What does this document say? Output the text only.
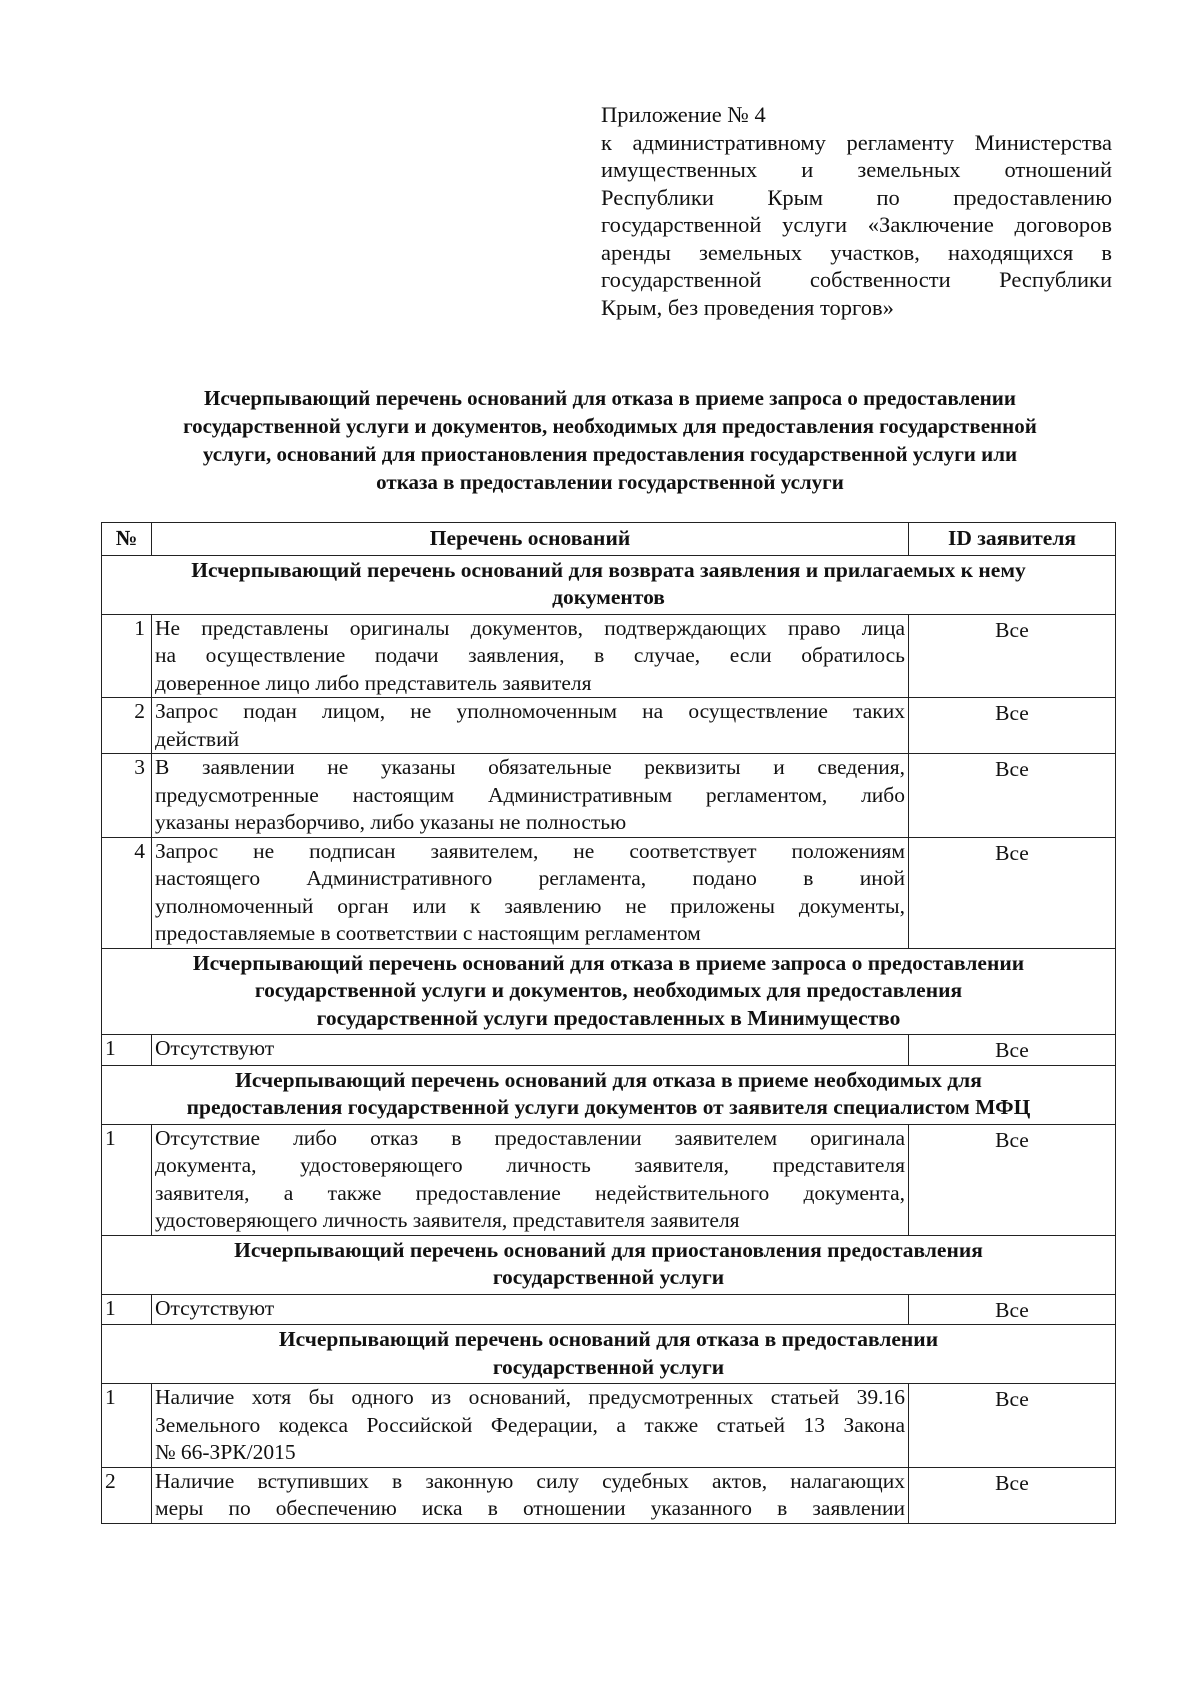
Приложение № 4
к административному регламенту Министерства
имущественных и земельных отношений
Республики Крым по предоставлению
государственной услуги «Заключение договоров
аренды земельных участков, находящихся в
государственной собственности Республики
Крым, без проведения торгов»
Исчерпывающий перечень оснований для отказа в приеме запроса о предоставлении
государственной услуги и документов, необходимых для предоставления государственной
услуги, оснований для приостановления предоставления государственной услуги или
отказа в предоставлении государственной услуги
№	Перечень оснований	ID заявителя

Исчерпывающий перечень оснований для возврата заявления и прилагаемых к нему
документов		

1	Не представлены оригиналы документов, подтверждающих право лица
на осуществление подачи заявления, в случае, если обратилось
доверенное лицо либо представитель заявителя	Все
2	Запрос подан лицом, не уполномоченным на осуществление таких
действий	Все
3	В заявлении не указаны обязательные реквизиты и сведения,
предусмотренные настоящим Административным регламентом, либо
указаны неразборчиво, либо указаны не полностью	Все
4	Запрос не подписан заявителем, не соответствует положениям
настоящего Административного регламента, подано в иной
уполномоченный орган или к заявлению не приложены документы,
предоставляемые в соответствии с настоящим регламентом	Все

Исчерпывающий перечень оснований для отказа в приеме запроса о предоставлении
государственной услуги и документов, необходимых для предоставления
государственной услуги предоставленных в Минимущество		

1	Отсутствуют	Все

Исчерпывающий перечень оснований для отказа в приеме необходимых для
предоставления государственной услуги документов от заявителя специалистом МФЦ		

1	Отсутствие либо отказ в предоставлении заявителем оригинала
документа, удостоверяющего личность заявителя, представителя
заявителя, а также предоставление недействительного документа,
удостоверяющего личность заявителя, представителя заявителя	Все

Исчерпывающий перечень оснований для приостановления предоставления
государственной услуги		

1	Отсутствуют	Все

Исчерпывающий перечень оснований для отказа в предоставлении
государственной услуги		

1	Наличие хотя бы одного из оснований, предусмотренных статьей 39.16
Земельного кодекса Российской Федерации, а также статьей 13 Закона
№ 66-ЗРК/2015	Все
2	Наличие вступивших в законную силу судебных актов, налагающих
меры по обеспечению иска в отношении указанного в заявлении	Все
